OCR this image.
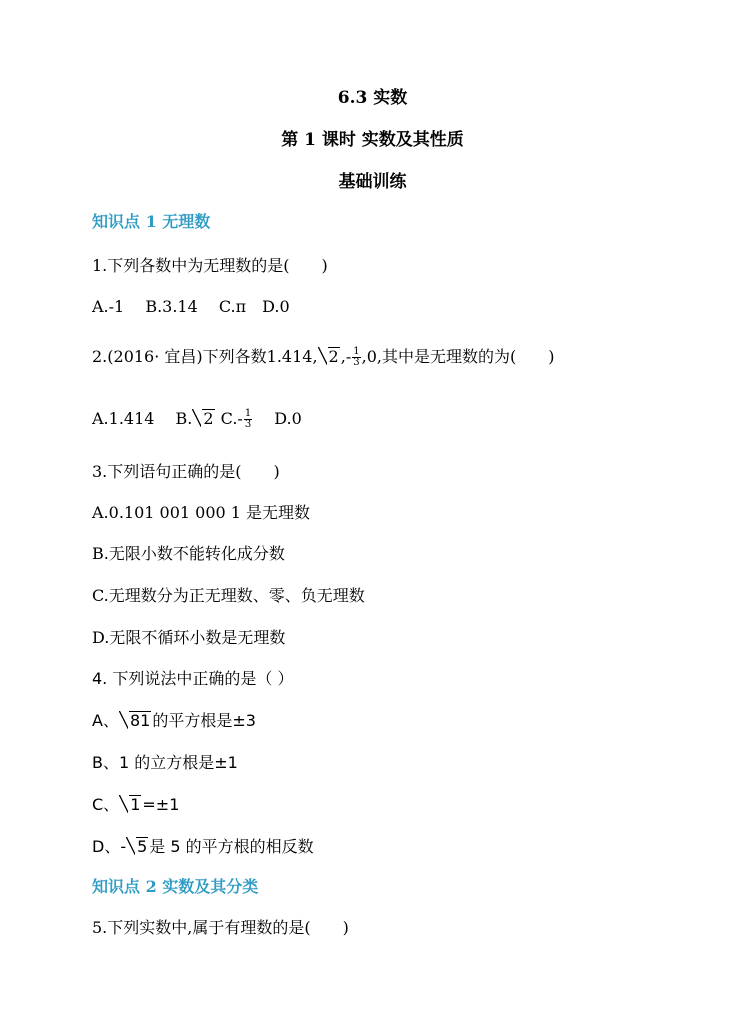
6.3 实数
第 1 课时 实数及其性质
基础训练
知识点 1 无理数
1.下列各数中为无理数的是(　　)
A.-1　 B.3.14　 C.π　D.0
2.(2016· 宜昌)下列各数1.414, 2 ,- $\frac{1}{3} ,0$,其中是无理数的为(　　)
A.1.414　 B. 2 $C.- \frac{1}{3}$ 　 D.0
3.下列语句正确的是(　　)
A.0.101 001 000 1 是无理数
B.无限小数不能转化成分数
C.无理数分为正无理数、零、负无理数
D.无限不循环小数是无理数
4. 下列说法中正确的是（ ）
A、 81 的平方根是±3
B、1 的立方根是±1
C、 1 =±1
D、- 5 是 5 的平方根的相反数
知识点 2 实数及其分类
5.下列实数中,属于有理数的是(　　)
